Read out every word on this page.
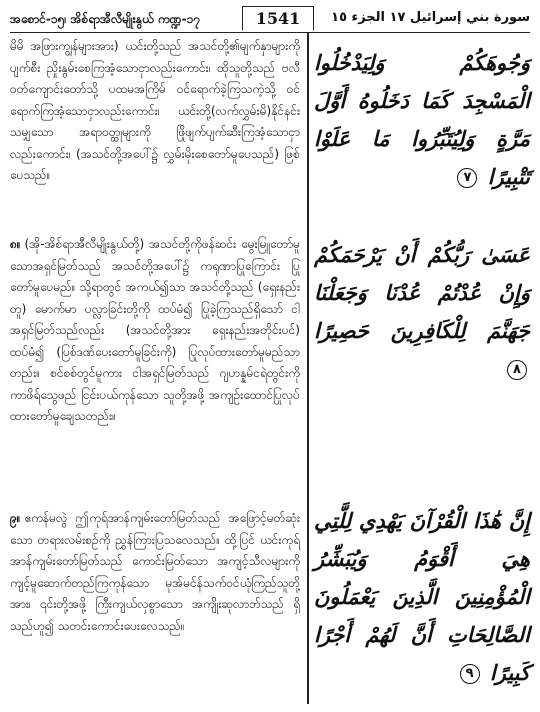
အစောင်-၁၅၊ အိစ်ရာအီလီမျိုးနွယ် ကဏ္ဍ-၁၇	1541	سورة بني إسرائيل ١٧ الجزء ١٥
မိမိ အဖြားကျွန်များအား) ယင်းတို့သည် အသင်တို့၏မျက်နှာများကို ပျက်စီး ညှိုးနွမ်းစေကြအံ့သောငှာလည်းကောင်း၊ ထိုသူတို့သည် ဗလီဝတ်ကျောင်းတော်သို့ ပထမအကြိမ် ဝင်ရောက်ခဲ့ကြသကဲ့သို့ ဝင်ရောက်ကြအံ့သောငှာလည်းကောင်း၊ ယင်းတို့(လက်လွှမ်းမိ)နိုင်နင်းသမျှသော အရာဝတ္ထုများကို ဖြိုဖျက်ပျက်ဆီးကြအံ့သောငှာလည်းကောင်း၊ (အသင်တို့အပေါ်၌ လွှမ်းမိုးစေတော်မူပေသည်) ဖြစ်ပေသည်။
၈။ (အို-အိစ်ရာအီလီမျိုးနွယ်တို့) အသင်တို့ကိုဖန်ဆင်း မွေးမြူတော်မူသောအရှင်မြတ်သည် အသင်တို့အပေါ်၌ ကရုဏာပြုကြောင်း ပြုတော်မူပေမည်။ သို့ရာတွင် အကယ်၍သာ အသင်တို့သည် (ရှေးနည်းတူ) မောက်မာ ပလ္လာခြင်းတို့ကို ထပ်မံ၍ ပြုခဲ့ကြသည်ရှိသော် ငါအရှင်မြတ်သည်လည်း (အသင်တို့အား ရှေးနည်းအတိုင်းပင်) ထပ်မံ၍ (ပြစ်ဒဏ်ပေးတော်မူခြင်းကို) ပြုလုပ်ထားတော်မူမည်သာတည်း။ စင်စစ်တွင်မူကား ငါအရှင်မြတ်သည် ဂျဟန္နမ်ငရဲတွင်းကို ကာဖိရ်သွေဖည် ငြင်းပယ်ကုန်သော သူတို့အဖို့ အကျဉ်းထောင်ပြုလုပ်ထားတော်မူချေသတည်း။
၉။ ဧကန်မလွဲ ဤကုရ်အာန်ကျမ်းတော်မြတ်သည် အဖြောင့်မတ်ဆုံးသော တရားလမ်းစဉ်ကို ညွှန်ကြားပြသလေသည်။ ထို့ပြင် ယင်းကုရ်အာန်ကျမ်းတော်မြတ်သည် ကောင်းမြတ်သော အကျင့်သီလများကို ကျင့်မူဆောက်တည်ကြကုန်သော မုအ်မင်န်သက်ဝင်ယုံကြည်သူတို့အား၊ ၎င်းတို့အဖို့ ကြီးကျယ်လှစွာသော အကျိုးဆုလာဘ်သည် ရှိသည်ဟူ၍ သတင်းကောင်းပေးလေသည်။
وَجُوهَكُمْ وَلِيَدْخُلُوا الْمَسْجِدَ كَمَا دَخَلُوهُ أَوَّلَ مَرَّةٍ وَلِيُتَبِّرُوا مَا عَلَوْا تَتْبِيرًا ٧
عَسَىٰ رَبُّكُمْ أَنْ يَرْحَمَكُمْ وَإِنْ عُدْتُمْ عُدْنَا وَجَعَلْنَا جَهَنَّمَ لِلْكَافِرِينَ حَصِيرًا ٨
إِنَّ هَٰذَا الْقُرْآنَ يَهْدِي لِلَّتِي هِيَ أَقْوَمُ وَيُبَشِّرُ الْمُؤْمِنِينَ الَّذِينَ يَعْمَلُونَ الصَّالِحَاتِ أَنَّ لَهُمْ أَجْرًا كَبِيرًا ٩
